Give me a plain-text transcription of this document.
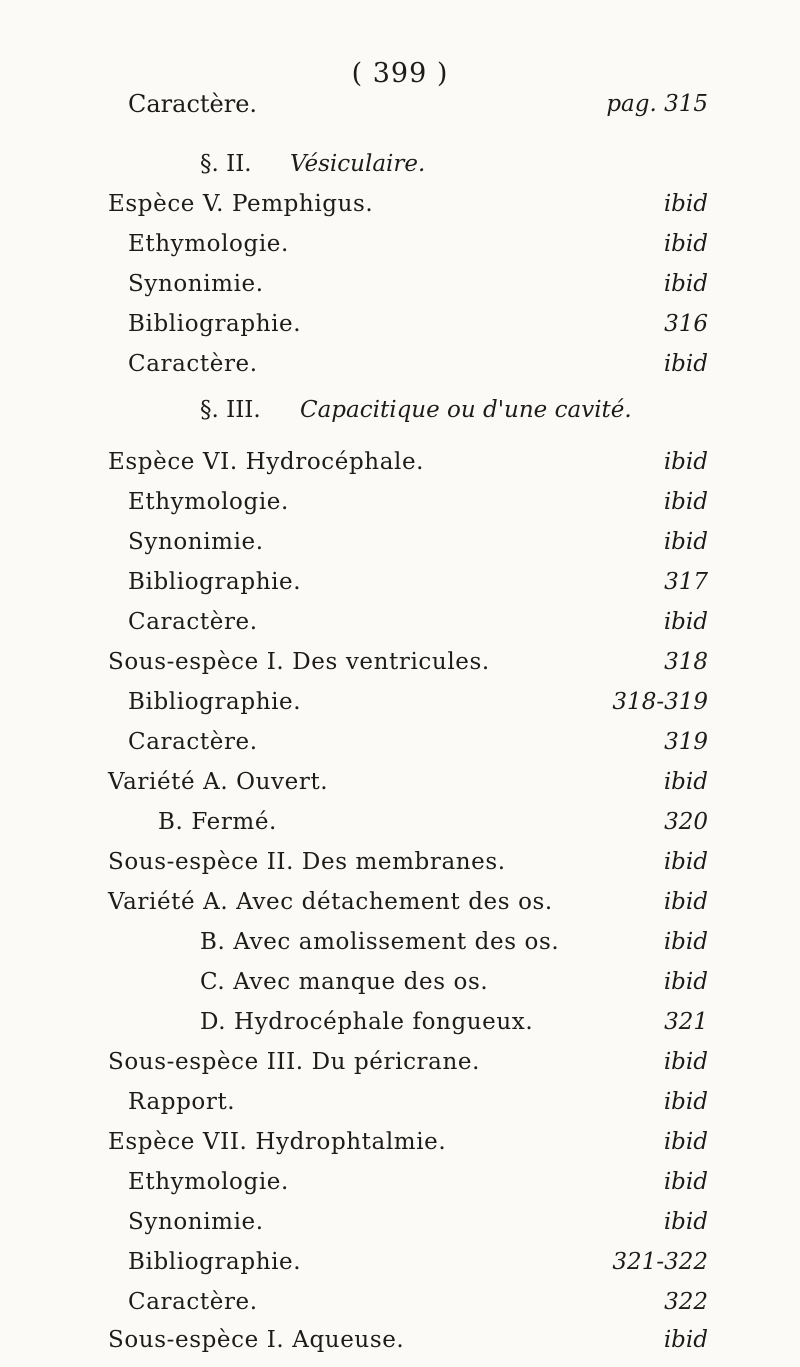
( 399 )
Caractère.	pag. 315
§. II. Vésiculaire.
Espèce V. Pemphigus.	ibid
Ethymologie.	ibid
Synonimie.	ibid
Bibliographie.	316
Caractère.	ibid
§. III. Capacitique ou d'une cavité.
Espèce VI. Hydrocéphale.	ibid
Ethymologie.	ibid
Synonimie.	ibid
Bibliographie.	317
Caractère.	ibid
Sous-espèce I. Des ventricules.	318
Bibliographie.	318-319
Caractère.	319
Variété A. Ouvert.	ibid
B. Fermé.	320
Sous-espèce II. Des membranes.	ibid
Variété A. Avec détachement des os.	ibid
B. Avec amolissement des os.	ibid
C. Avec manque des os.	ibid
D. Hydrocéphale fongueux.	321
Sous-espèce III. Du péricrane.	ibid
Rapport.	ibid
Espèce VII. Hydrophtalmie.	ibid
Ethymologie.	ibid
Synonimie.	ibid
Bibliographie.	321-322
Caractère.	322
Sous-espèce I. Aqueuse.	ibid
